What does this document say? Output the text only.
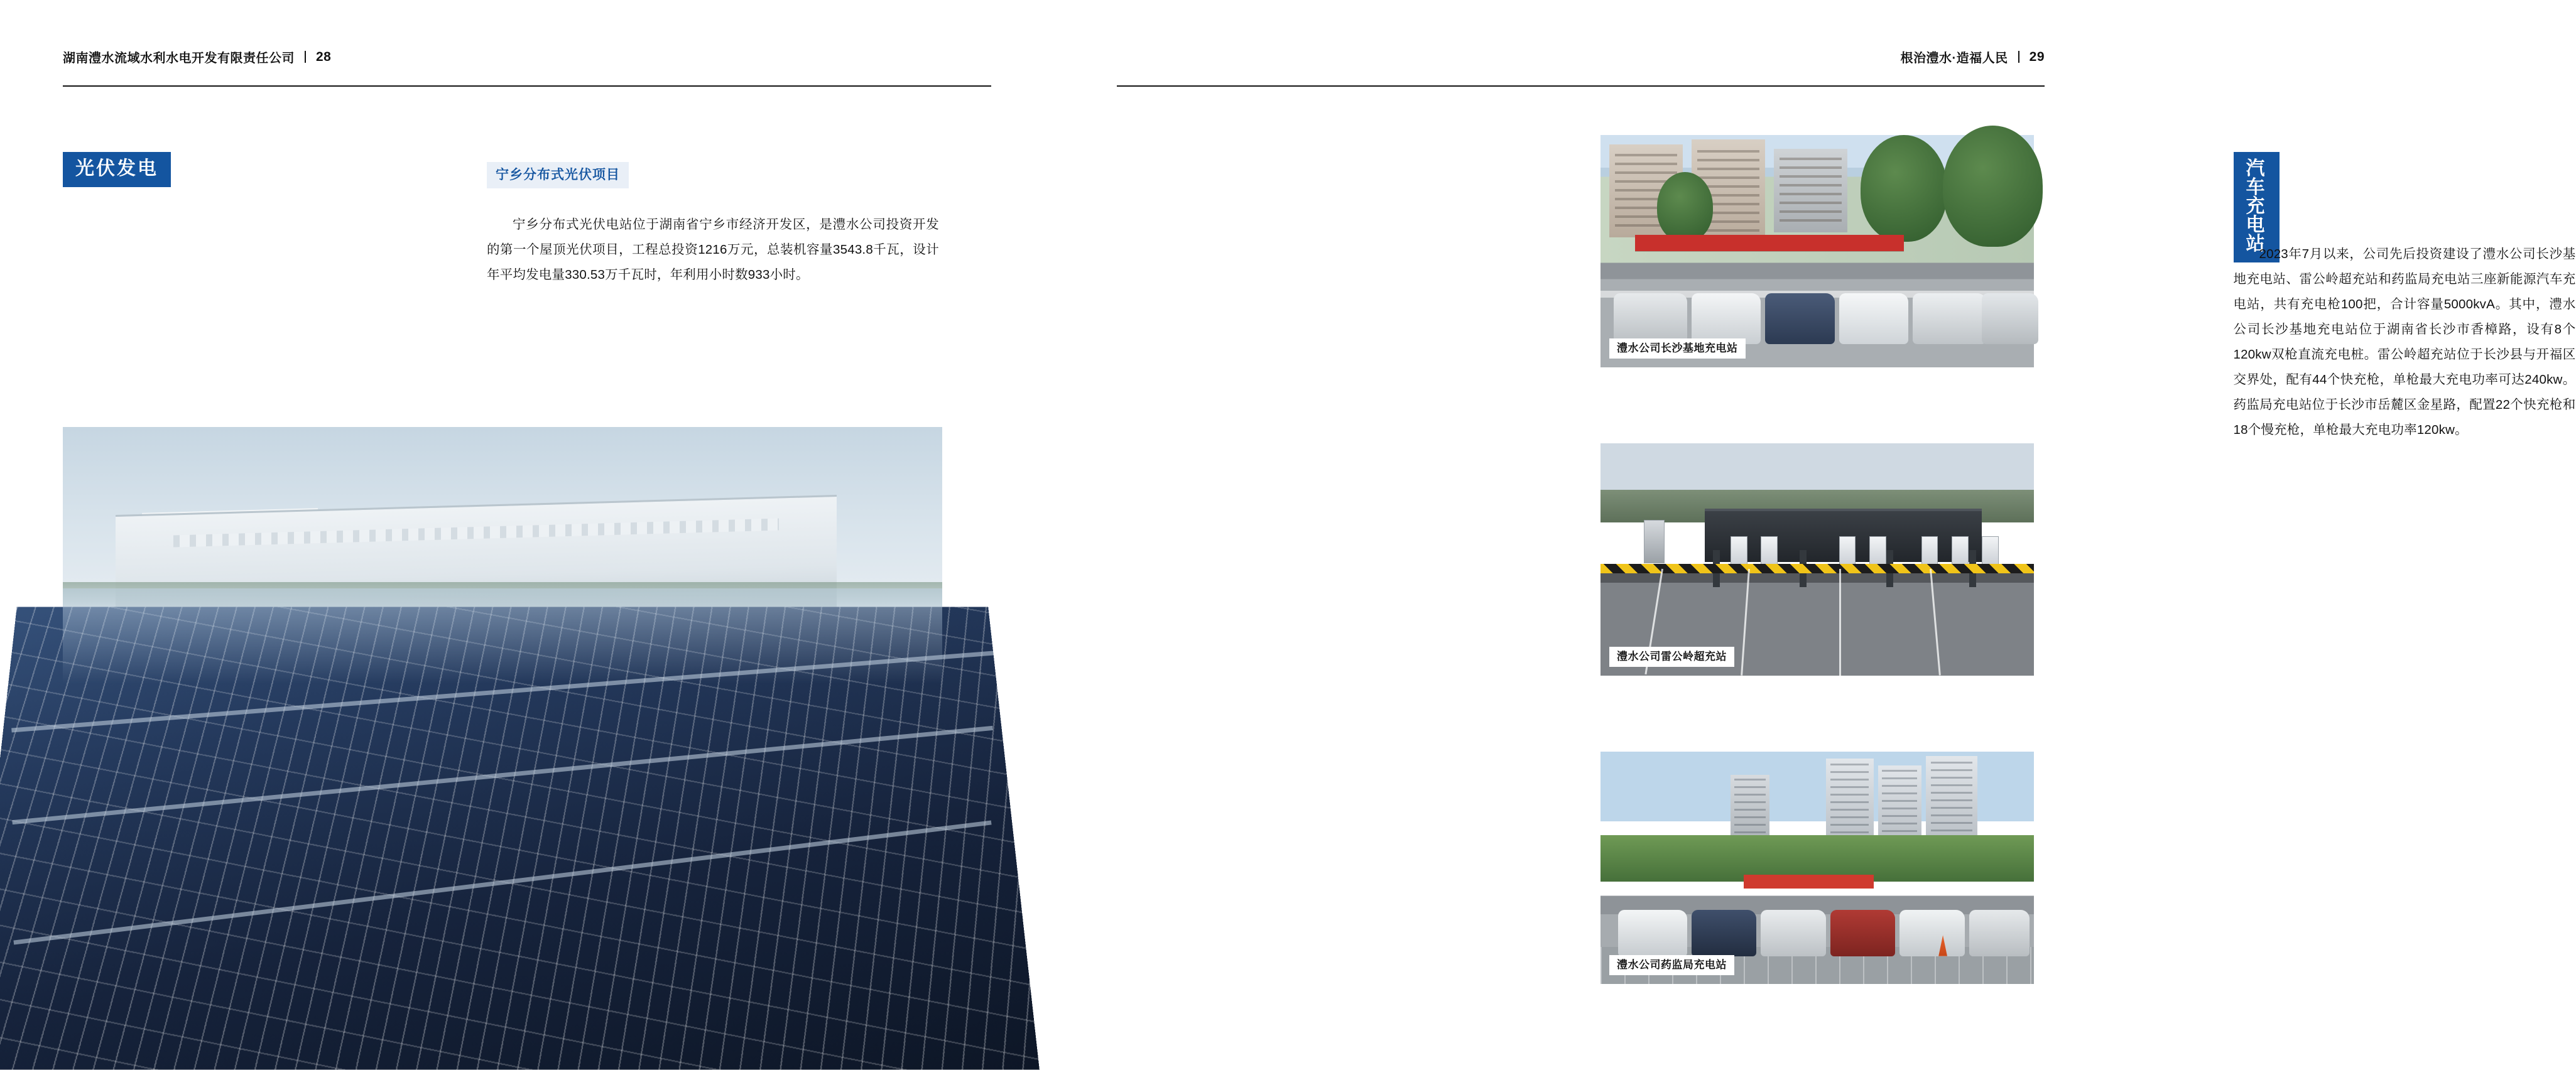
湖南澧水流域水利水电开发有限责任公司 28
光伏发电	宁乡分布式光伏项目

宁乡分布式光伏电站位于湖南省宁乡市经济开发区，是澧水公司投资开发的第一个屋顶光伏项目，工程总投资1216万元，总装机容量3543.8千瓦，设计年平均发电量330.53万千瓦时，年利用小时数933小时。

根治澧水·造福人民 29
汽车充电站

2023年7月以来，公司先后投资建设了澧水公司长沙基地充电站、雷公岭超充站和药监局充电站三座新能源汽车充电站，共有充电枪100把，合计容量5000kvA。其中，澧水公司长沙基地充电站位于湖南省长沙市香樟路，设有8个120kw双枪直流充电桩。雷公岭超充站位于长沙县与开福区交界处，配有44个快充枪，单枪最大充电功率可达240kw。药监局充电站位于长沙市岳麓区金星路，配置22个快充枪和18个慢充枪，单枪最大充电功率120kw。

澧水公司长沙基地充电站
澧水公司雷公岭超充站
澧水公司药监局充电站
